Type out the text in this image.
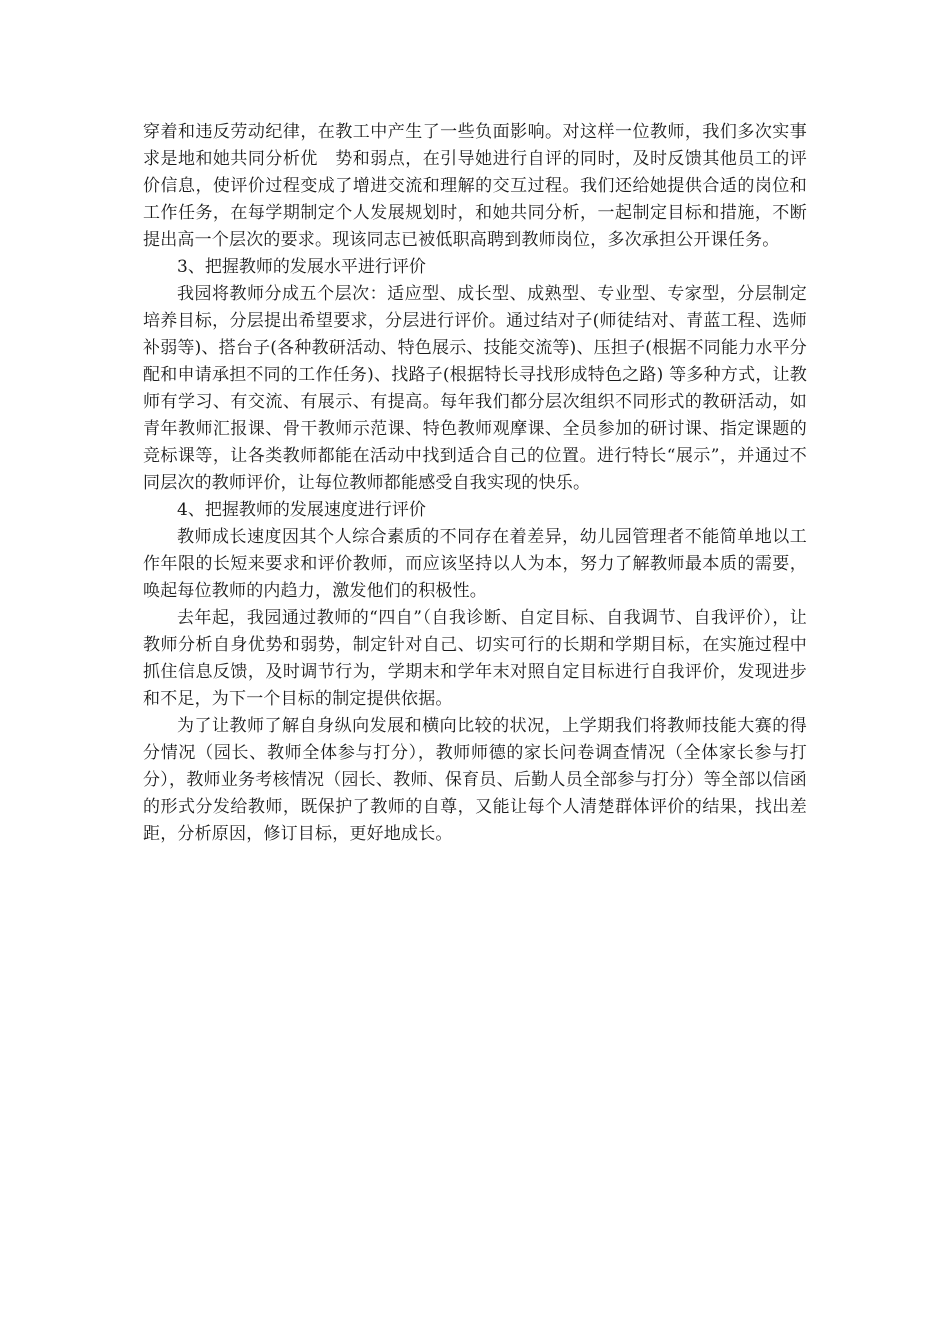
穿着和违反劳动纪律，在教工中产生了一些负面影响。对这样一位教师，我们多次实事求是地和她共同分析优　势和弱点，在引导她进行自评的同时，及时反馈其他员工的评价信息，使评价过程变成了增进交流和理解的交互过程。我们还给她提供合适的岗位和工作任务，在每学期制定个人发展规划时，和她共同分析，一起制定目标和措施，不断提出高一个层次的要求。现该同志已被低职高聘到教师岗位，多次承担公开课任务。

3、把握教师的发展水平进行评价

我园将教师分成五个层次：适应型、成长型、成熟型、专业型、专家型，分层制定培养目标，分层提出希望要求，分层进行评价。通过结对子(师徒结对、青蓝工程、选师补弱等)、搭台子(各种教研活动、特色展示、技能交流等)、压担子(根据不同能力水平分配和申请承担不同的工作任务)、找路子(根据特长寻找形成特色之路) 等多种方式，让教师有学习、有交流、有展示、有提高。每年我们都分层次组织不同形式的教研活动，如青年教师汇报课、骨干教师示范课、特色教师观摩课、全员参加的研讨课、指定课题的竞标课等，让各类教师都能在活动中找到适合自己的位置。进行特长“展示”，并通过不同层次的教师评价，让每位教师都能感受自我实现的快乐。

4、把握教师的发展速度进行评价

教师成长速度因其个人综合素质的不同存在着差异，幼儿园管理者不能简单地以工作年限的长短来要求和评价教师，而应该坚持以人为本，努力了解教师最本质的需要，唤起每位教师的内趋力，激发他们的积极性。

去年起，我园通过教师的“四自”（自我诊断、自定目标、自我调节、自我评价），让教师分析自身优势和弱势，制定针对自己、切实可行的长期和学期目标，在实施过程中抓住信息反馈，及时调节行为，学期末和学年末对照自定目标进行自我评价，发现进步和不足，为下一个目标的制定提供依据。

为了让教师了解自身纵向发展和横向比较的状况，上学期我们将教师技能大赛的得分情况（园长、教师全体参与打分），教师师德的家长问卷调查情况（全体家长参与打分），教师业务考核情况（园长、教师、保育员、后勤人员全部参与打分）等全部以信函的形式分发给教师，既保护了教师的自尊，又能让每个人清楚群体评价的结果，找出差距，分析原因，修订目标，更好地成长。
